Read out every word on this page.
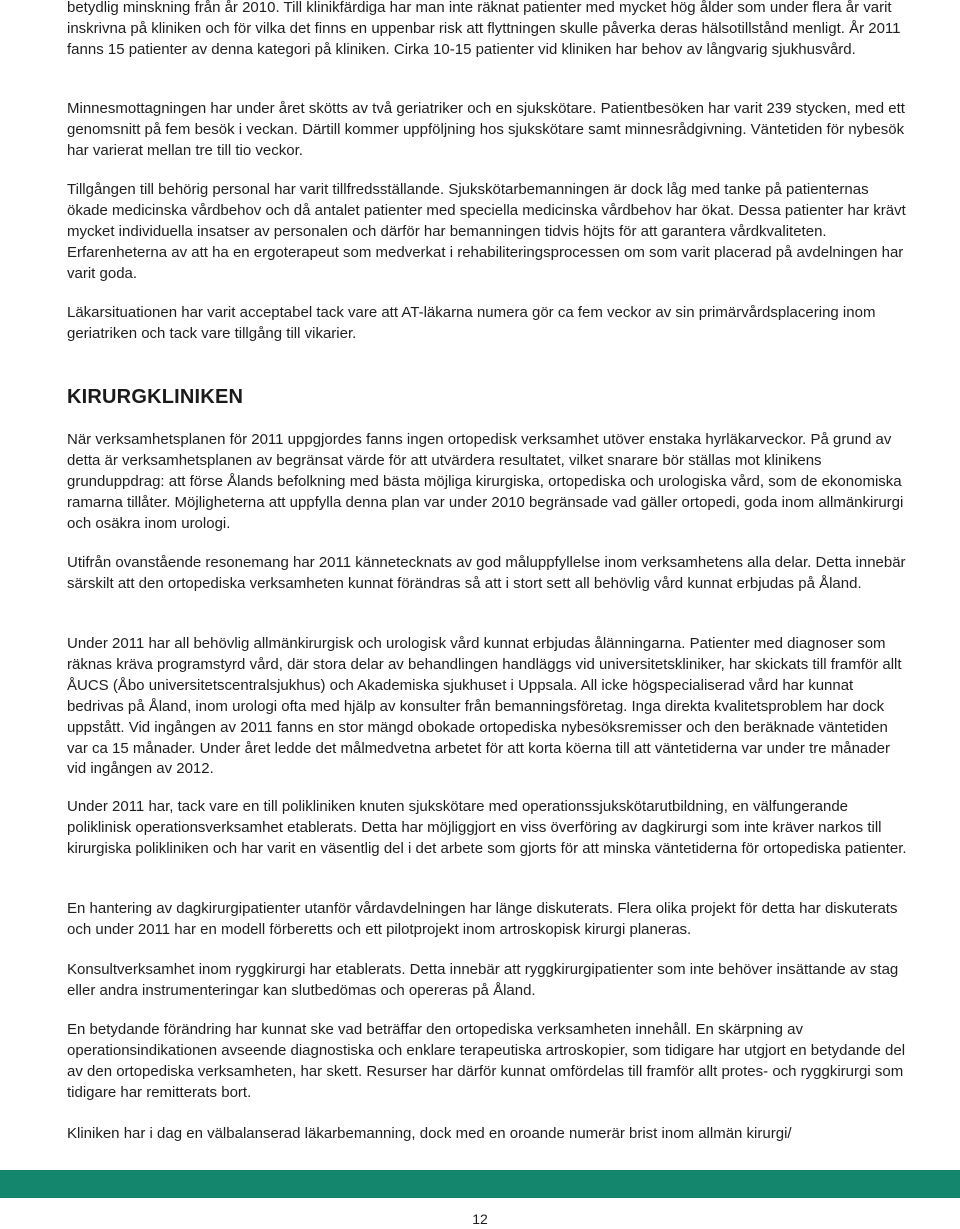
betydlig minskning från år 2010. Till klinikfärdiga har man inte räknat patienter med mycket hög ålder som under flera år varit inskrivna på kliniken och för vilka det finns en uppenbar risk att flyttningen skulle påverka deras hälsotillstånd menligt. År 2011 fanns 15 patienter av denna kategori på kliniken. Cirka 10-15 patienter vid kliniken har behov av långvarig sjukhusvård.

Minnesmottagningen har under året skötts av två geriatriker och en sjukskötare. Patientbesöken har varit 239 stycken, med ett genomsnitt på fem besök i veckan. Därtill kommer uppföljning hos sjukskötare samt minnesrådgivning. Väntetiden för nybesök har varierat mellan tre till tio veckor.

Tillgången till behörig personal har varit tillfredsställande. Sjukskötarbemanningen är dock låg med tanke på patienternas ökade medicinska vårdbehov och då antalet patienter med speciella medicinska vårdbehov har ökat. Dessa patienter har krävt mycket individuella insatser av personalen och därför har bemanningen tidvis höjts för att garantera vårdkvaliteten. Erfarenheterna av att ha en ergoterapeut som medverkat i rehabiliteringsprocessen om som varit placerad på avdelningen har varit goda.

Läkarsituationen har varit acceptabel tack vare att AT-läkarna numera gör ca fem veckor av sin primärvårdsplacering inom geriatriken och tack vare tillgång till vikarier.

KIRURGKLINIKEN

När verksamhetsplanen för 2011 uppgjordes fanns ingen ortopedisk verksamhet utöver enstaka hyrläkarveckor. På grund av detta är verksamhetsplanen av begränsat värde för att utvärdera resultatet, vilket snarare bör ställas mot klinikens grunduppdrag: att förse Ålands befolkning med bästa möjliga kirurgiska, ortopediska och urologiska vård, som de ekonomiska ramarna tillåter. Möjligheterna att uppfylla denna plan var under 2010 begränsade vad gäller ortopedi, goda inom allmänkirurgi och osäkra inom urologi.

Utifrån ovanstående resonemang har 2011 kännetecknats av god måluppfyllelse inom verksamhetens alla delar. Detta innebär särskilt att den ortopediska verksamheten kunnat förändras så att i stort sett all behövlig vård kunnat erbjudas på Åland.

Under 2011 har all behövlig allmänkirurgisk och urologisk vård kunnat erbjudas ålänningarna. Patienter med diagnoser som räknas kräva programstyrd vård, där stora delar av behandlingen handläggs vid universitetskliniker, har skickats till framför allt ÅUCS (Åbo universitetscentralsjukhus) och Akademiska sjukhuset i Uppsala. All icke högspecialiserad vård har kunnat bedrivas på Åland, inom urologi ofta med hjälp av konsulter från bemanningsföretag. Inga direkta kvalitetsproblem har dock uppstått. Vid ingången av 2011 fanns en stor mängd obokade ortopediska nybesöksremisser och den beräknade väntetiden var ca 15 månader. Under året ledde det målmedvetna arbetet för att korta köerna till att väntetiderna var under tre månader vid ingången av 2012.

Under 2011 har, tack vare en till polikliniken knuten sjukskötare med operationssjukskötarutbildning, en välfungerande poliklinisk operationsverksamhet etablerats. Detta har möjliggjort en viss överföring av dagkirurgi som inte kräver narkos till kirurgiska polikliniken och har varit en väsentlig del i det arbete som gjorts för att minska väntetiderna för ortopediska patienter.

En hantering av dagkirurgipatienter utanför vårdavdelningen har länge diskuterats. Flera olika projekt för detta har diskuterats och under 2011 har en modell förberetts och ett pilotprojekt inom artroskopisk kirurgi planeras.

Konsultverksamhet inom ryggkirurgi har etablerats. Detta innebär att ryggkirurgipatienter som inte behöver insättande av stag eller andra instrumenteringar kan slutbedömas och opereras på Åland.

En betydande förändring har kunnat ske vad beträffar den ortopediska verksamheten innehåll. En skärpning av operationsindikationen avseende diagnostiska och enklare terapeutiska artroskopier, som tidigare har utgjort en betydande del av den ortopediska verksamheten, har skett. Resurser har därför kunnat omfördelas till framför allt protes- och ryggkirurgi som tidigare har remitterats bort.

Kliniken har i dag en välbalanserad läkarbemanning, dock med en oroande numerär brist inom allmän kirurgi/

12
